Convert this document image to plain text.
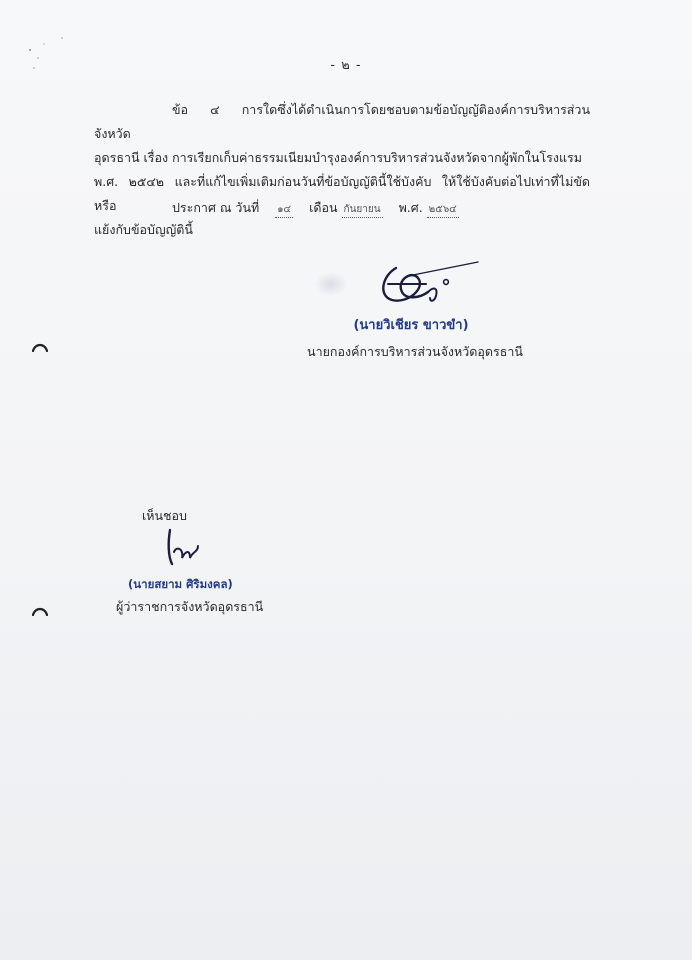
- ๒ -
ข้อ ๔ การใดซึ่งได้ดำเนินการโดยชอบตามข้อบัญญัติองค์การบริหารส่วนจังหวัด
อุดรธานี เรื่อง การเรียกเก็บค่าธรรมเนียมบำรุงองค์การบริหารส่วนจังหวัดจากผู้พักในโรงแรม
พ.ศ. ๒๕๔๒ และที่แก้ไขเพิ่มเติมก่อนวันที่ข้อบัญญัตินี้ใช้บังคับ ให้ใช้บังคับต่อไปเท่าที่ไม่ขัดหรือ
แย้งกับข้อบัญญัตินี้
ประกาศ ณ วันที่ ๑๔ เดือน กันยายน พ.ศ. ๒๕๖๔
(นายวิเชียร ขาวขำ)
นายกองค์การบริหารส่วนจังหวัดอุดรธานี
เห็นชอบ
(นายสยาม ศิริมงคล)
ผู้ว่าราชการจังหวัดอุดรธานี
